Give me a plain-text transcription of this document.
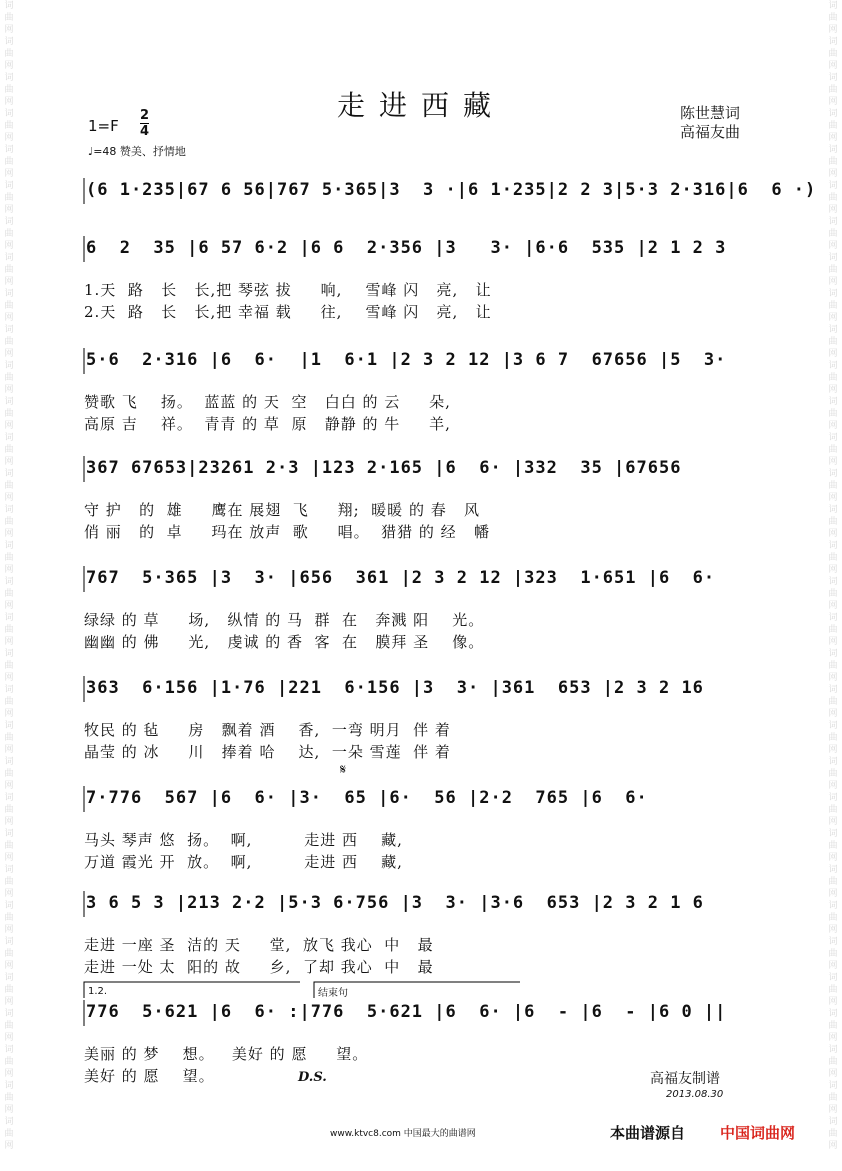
词
曲
网
词
曲
网
词
曲
网
词
曲
网
词
曲
网
词
曲
网
词
曲
网
词
曲
网
词
曲
网
词
曲
网
词
曲
网
词
曲
网
词
曲
网
词
曲
网
词
曲
网
词
曲
网
词
曲
网
词
曲
网
词
曲
网
词
曲
网
词
曲
网
词
曲
网
词
曲
网
词
曲
网
词
曲
网
词
曲
网
词
曲
网
词
曲
网
词
曲
网
词
曲
网
词
曲
网
词
曲
网
词
曲
网
词
曲
网
词
曲
网
词
曲
网
词
曲
网
词
曲
网
词
曲
网
词
曲
网
词
曲
网
词
曲
网
词
曲
网
词
曲
网
词
曲
网
词
曲
网
词
曲
网
词
曲
网
词
曲
网
词
曲
网
词
曲
网
词
曲
网
词
曲
网
词
曲
网
词
曲
网
词
曲
网
词
曲
网
词
曲
网
词
曲
网
词
曲
网
词
曲
网
词
曲
网
词
曲
网
词
曲
网
走进西藏	陈世慧词
高福友曲
1=F
2
4
♩=48 赞美、抒情地
(6 1·235|67 6 56|767 5·365|3  3 ·|6 1·235|2 2 3|5·3 2·316|6  6 ·)
6  2  35 |6 57 6·2 |6 6  2·356 |3   3· |6·6  535 |2 1 2 3
1.天  路   长   长,把 琴弦 拔     响,    雪峰 闪   亮,   让
2.天  路   长   长,把 幸福 载     往,    雪峰 闪   亮,   让
5·6  2·316 |6  6·  |1  6·1 |2 3 2 12 |3 6 7  67656 |5  3·
赞歌 飞    扬。  蓝蓝 的 天  空   白白 的 云     朵,
高原 吉    祥。  青青 的 草  原   静静 的 牛     羊,
367 67653|23261 2·3 |123 2·165 |6  6· |332  35 |67656
守 护   的  雄     鹰在 展翅  飞     翔;  暖暖 的 春   风
俏 丽   的  卓     玛在 放声  歌     唱。  猎猎 的 经   幡
767  5·365 |3  3· |656  361 |2 3 2 12 |323  1·651 |6  6·
绿绿 的 草     场,   纵情 的 马  群  在   奔溅 阳    光。
幽幽 的 佛     光,   虔诚 的 香  客  在   膜拜 圣    像。
363  6·156 |1·76 |221  6·156 |3  3· |361  653 |2 3 2 16
牧民 的 毡     房   飘着 酒    香,  一弯 明月  伴 着
晶莹 的 冰     川   捧着 哈    达,  一朵 雪莲  伴 着
7·776  567 |6  6· |3·  65 |6·  56 |2·2  765 |6  6·
马头 琴声 悠  扬。  啊,         走进 西    藏,
万道 霞光 开  放。  啊,         走进 西    藏,
3 6 5 3 |213 2·2 |5·3 6·756 |3  3· |3·6  653 |2 3 2 1 6
走进 一座 圣  洁的 天     堂,  放飞 我心  中   最
走进 一处 太  阳的 故     乡,  了却 我心  中   最
776  5·621 |6  6· :|776  5·621 |6  6· |6  - |6  - |6 0 ||
美丽 的 梦    想。   美好 的 愿     望。
美好 的 愿    望。
𝄋
1.2.	结束句
D.S.	高福友制谱
2013.08.30
www.ktvc8.com 中国最大的曲谱网	本曲谱源自 中国词曲网
